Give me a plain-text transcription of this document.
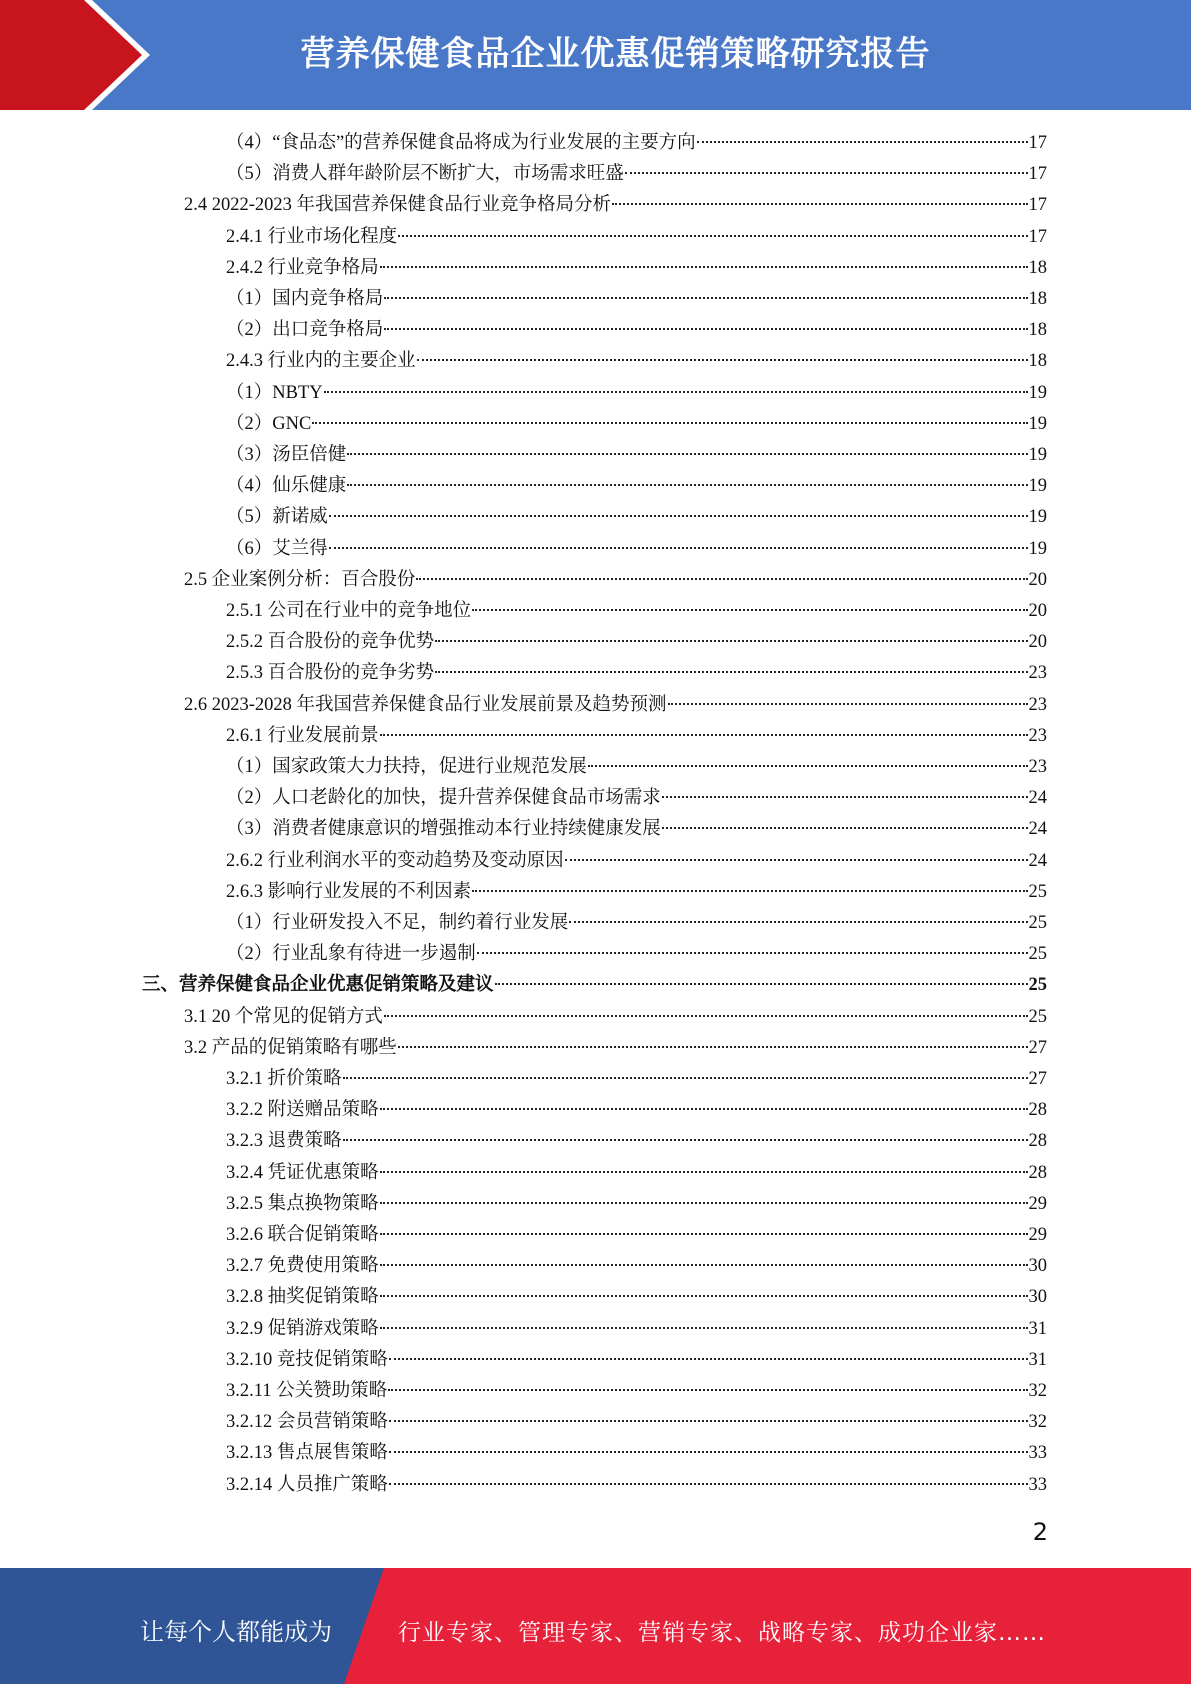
营养保健食品企业优惠促销策略研究报告
（4）“食品态”的营养保健食品将成为行业发展的主要方向	17
（5）消费人群年龄阶层不断扩大，市场需求旺盛	17
2.4 2022-2023 年我国营养保健食品行业竞争格局分析	17
2.4.1 行业市场化程度	17
2.4.2 行业竞争格局	18
（1）国内竞争格局	18
（2）出口竞争格局	18
2.4.3 行业内的主要企业	18
（1）NBTY	19
（2）GNC	19
（3）汤臣倍健	19
（4）仙乐健康	19
（5）新诺威	19
（6）艾兰得	19
2.5 企业案例分析：百合股份	20
2.5.1 公司在行业中的竞争地位	20
2.5.2 百合股份的竞争优势	20
2.5.3 百合股份的竞争劣势	23
2.6 2023-2028 年我国营养保健食品行业发展前景及趋势预测	23
2.6.1 行业发展前景	23
（1）国家政策大力扶持，促进行业规范发展	23
（2）人口老龄化的加快，提升营养保健食品市场需求	24
（3）消费者健康意识的增强推动本行业持续健康发展	24
2.6.2 行业利润水平的变动趋势及变动原因	24
2.6.3 影响行业发展的不利因素	25
（1）行业研发投入不足，制约着行业发展	25
（2）行业乱象有待进一步遏制	25
三、营养保健食品企业优惠促销策略及建议	25
3.1 20 个常见的促销方式	25
3.2 产品的促销策略有哪些	27
3.2.1 折价策略	27
3.2.2 附送赠品策略	28
3.2.3 退费策略	28
3.2.4 凭证优惠策略	28
3.2.5 集点换物策略	29
3.2.6 联合促销策略	29
3.2.7 免费使用策略	30
3.2.8 抽奖促销策略	30
3.2.9 促销游戏策略	31
3.2.10 竞技促销策略	31
3.2.11 公关赞助策略	32
3.2.12 会员营销策略	32
3.2.13 售点展售策略	33
3.2.14 人员推广策略	33
2
让每个人都能成为	行业专家、管理专家、营销专家、战略专家、成功企业家……
